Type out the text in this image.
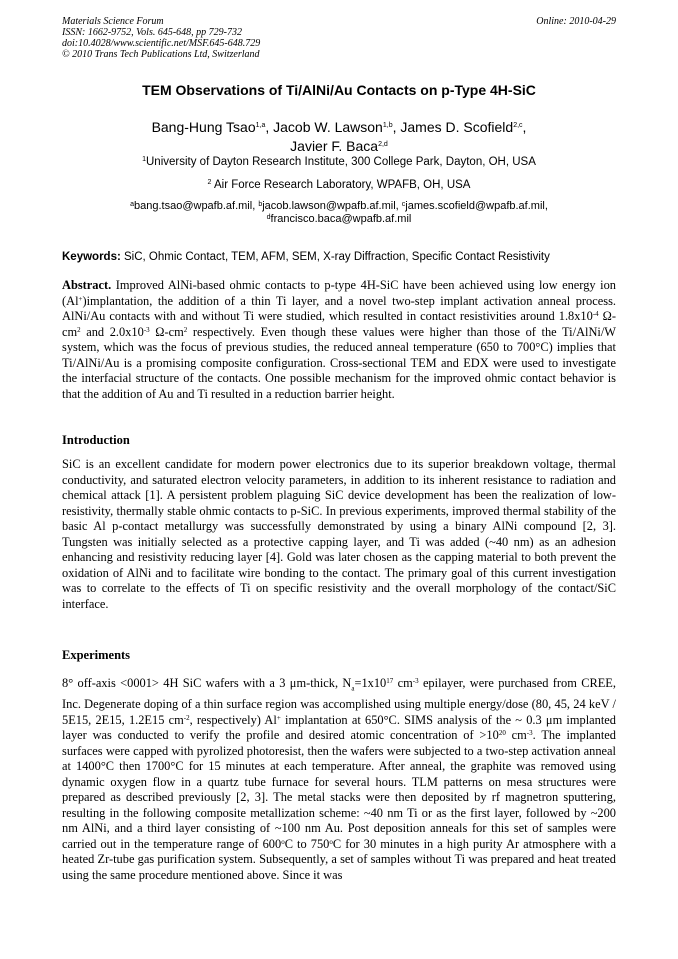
Materials Science Forum
ISSN: 1662-9752, Vols. 645-648, pp 729-732
doi:10.4028/www.scientific.net/MSF.645-648.729
© 2010 Trans Tech Publications Ltd, Switzerland
Online: 2010-04-29
TEM Observations of Ti/AlNi/Au Contacts on p-Type 4H-SiC
Bang-Hung Tsao$^{1,a}$, Jacob W. Lawson$^{1,b}$, James D. Scofield$^{2,c}$,
Javier F. Baca$^{2,d}$
$^1$University of Dayton Research Institute, 300 College Park, Dayton, OH, USA
$^2$ Air Force Research Laboratory, WPAFB, OH, USA
$^a$bang.tsao@wpafb.af.mil, $^b$jacob.lawson@wpafb.af.mil, $^c$james.scofield@wpafb.af.mil,
$^d$francisco.baca@wpafb.af.mil
Keywords: SiC, Ohmic Contact, TEM, AFM, SEM, X-ray Diffraction, Specific Contact Resistivity
Abstract. Improved AlNi-based ohmic contacts to p-type 4H-SiC have been achieved using low energy ion (Al+)implantation, the addition of a thin Ti layer, and a novel two-step implant activation anneal process. AlNi/Au contacts with and without Ti were studied, which resulted in contact resistivities around $1.8x10^{-4}$ $\Omega-cm^2$ and $2.0x10^{-3}$ $\Omega-cm^2$ respectively. Even though these values were higher than those of the Ti/AlNi/W system, which was the focus of previous studies, the reduced anneal temperature (650 to 700°C) implies that Ti/AlNi/Au is a promising composite configuration. Cross-sectional TEM and EDX were used to investigate the interfacial structure of the contacts. One possible mechanism for the improved ohmic contact behavior is that the addition of Au and Ti resulted in a reduction barrier height.
Introduction
SiC is an excellent candidate for modern power electronics due to its superior breakdown voltage, thermal conductivity, and saturated electron velocity parameters, in addition to its inherent resistance to radiation and chemical attack [1]. A persistent problem plaguing SiC device development has been the realization of low-resistivity, thermally stable ohmic contacts to p-SiC. In previous experiments, improved thermal stability of the basic Al p-contact metallurgy was successfully demonstrated by using a binary AlNi compound [2, 3]. Tungsten was initially selected as a protective capping layer, and Ti was added (~40 nm) as an adhesion enhancing and resistivity reducing layer [4]. Gold was later chosen as the capping material to both prevent the oxidation of AlNi and to facilitate wire bonding to the contact. The primary goal of this current investigation was to correlate to the effects of Ti on specific resistivity and the overall morphology of the contact/SiC interface.
Experiments
8° off-axis <0001> 4H SiC wafers with a 3 μm-thick, $N_a=1x10^{17}$ $cm^{-3}$ epilayer, were purchased from CREE, Inc. Degenerate doping of a thin surface region was accomplished using multiple energy/dose (80, 45, 24 keV / 5E15, 2E15, 1.2E15 $cm^{-2}$, respectively) Al+ implantation at 650°C. SIMS analysis of the ~ 0.3 μm implanted layer was conducted to verify the profile and desired atomic concentration of $>10^{20}$ $cm^{-3}$. The implanted surfaces were capped with pyrolized photoresist, then the wafers were subjected to a two-step activation anneal at 1400°C then 1700°C for 15 minutes at each temperature. After anneal, the graphite was removed using dynamic oxygen flow in a quartz tube furnace for several hours. TLM patterns on mesa structures were prepared as described previously [2, 3]. The metal stacks were then deposited by rf magnetron sputtering, resulting in the following composite metallization scheme: ~40 nm Ti or as the first layer, followed by ~200 nm AlNi, and a third layer consisting of ~100 nm Au. Post deposition anneals for this set of samples were carried out in the temperature range of 600$^o$C to 750$^o$C for 30 minutes in a high purity Ar atmosphere with a heated Zr-tube gas purification system. Subsequently, a set of samples without Ti was prepared and heat treated using the same procedure mentioned above. Since it was
